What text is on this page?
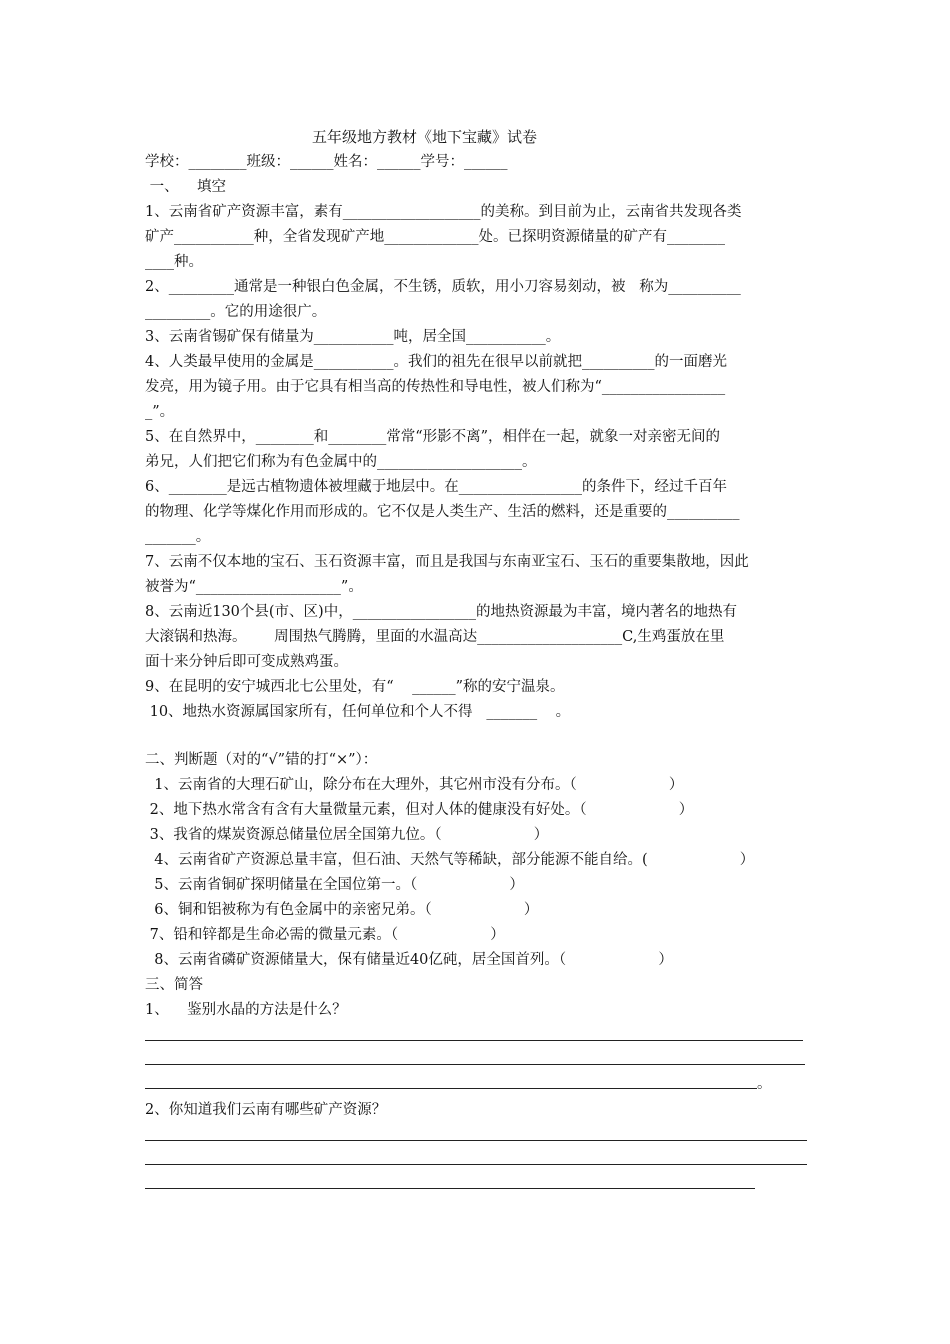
五年级地方教材《地下宝藏》试卷
学校：________班级：______姓名：______学号：______
一、    填空
1、云南省矿产资源丰富，素有___________________的美称。到目前为止，云南省共发现各类
矿产___________种，全省发现矿产地_____________处。已探明资源储量的矿产有________
____种。
2、_________通常是一种银白色金属，不生锈，质软，用小刀容易刻动，被   称为__________
_________。它的用途很广。
3、云南省锡矿保有储量为___________吨，居全国___________。
4、人类最早使用的金属是___________。我们的祖先在很早以前就把__________的一面磨光
发亮，用为镜子用。由于它具有相当高的传热性和导电性，被人们称为“_________________
_”。
5、在自然界中，________和________常常“形影不离”，相伴在一起，就象一对亲密无间的
弟兄，人们把它们称为有色金属中的____________________。
6、________是远古植物遗体被埋藏于地层中。在_________________的条件下，经过千百年
的物理、化学等煤化作用而形成的。它不仅是人类生产、生活的燃料，还是重要的__________
_______。
7、云南不仅本地的宝石、玉石资源丰富，而且是我国与东南亚宝石、玉石的重要集散地，因此
被誉为“____________________”。
8、云南近130个县(市、区)中，_________________的地热资源最为丰富，境内著名的地热有
大滚锅和热海。      周围热气腾腾，里面的水温高达____________________C,生鸡蛋放在里
面十来分钟后即可变成熟鸡蛋。
9、在昆明的安宁城西北七公里处，有“    ______”称的安宁温泉。
10、地热水资源属国家所有，任何单位和个人不得   _______    。
二、判断题（对的“√”错的打“×”）：
1、云南省的大理石矿山，除分布在大理外，其它州市没有分布。（                    ）
2、地下热水常含有含有大量微量元素，但对人体的健康没有好处。（                    ）
3、我省的煤炭资源总储量位居全国第九位。（                    ）
4、云南省矿产资源总量丰富，但石油、天然气等稀缺，部分能源不能自给。(                    ）
5、云南省铜矿探明储量在全国位第一。（                    ）
6、铜和铝被称为有色金属中的亲密兄弟。（                    ）
7、铅和锌都是生命必需的微量元素。（                    ）
8、云南省磷矿资源储量大，保有储量近40亿砘，居全国首列。（                    ）
三、简答
1、    鉴别水晶的方法是什么？
。
2、你知道我们云南有哪些矿产资源？
